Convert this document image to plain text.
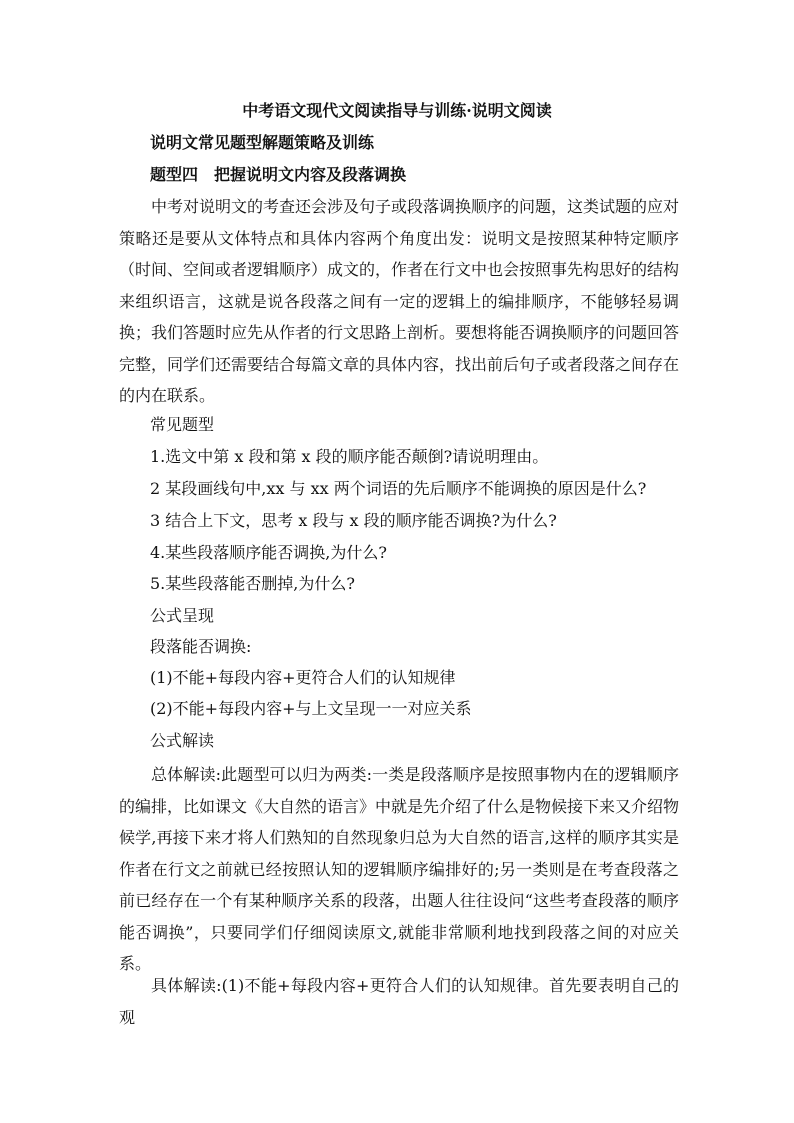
中考语文现代文阅读指导与训练·说明文阅读
说明文常见题型解题策略及训练
题型四　把握说明文内容及段落调换
中考对说明文的考查还会涉及句子或段落调换顺序的问题，这类试题的应对策略还是要从文体特点和具体内容两个角度出发：说明文是按照某种特定顺序（时间、空间或者逻辑顺序）成文的，作者在行文中也会按照事先构思好的结构来组织语言，这就是说各段落之间有一定的逻辑上的编排顺序，不能够轻易调换；我们答题时应先从作者的行文思路上剖析。要想将能否调换顺序的问题回答完整，同学们还需要结合每篇文章的具体内容，找出前后句子或者段落之间存在的内在联系。
常见题型
1.选文中第 x 段和第 x 段的顺序能否颠倒?请说明理由。
2 某段画线句中,xx 与 xx 两个词语的先后顺序不能调换的原因是什么?
3 结合上下文，思考 x 段与 x 段的顺序能否调换?为什么?
4.某些段落顺序能否调换,为什么?
5.某些段落能否删掉,为什么?
公式呈现
段落能否调换:
(1)不能+每段内容+更符合人们的认知规律
(2)不能+每段内容+与上文呈现一一对应关系
公式解读
总体解读:此题型可以归为两类:一类是段落顺序是按照事物内在的逻辑顺序的编排，比如课文《大自然的语言》中就是先介绍了什么是物候接下来又介绍物候学,再接下来才将人们熟知的自然现象归总为大自然的语言,这样的顺序其实是作者在行文之前就已经按照认知的逻辑顺序编排好的;另一类则是在考查段落之前已经存在一个有某种顺序关系的段落，出题人往往设问“这些考查段落的顺序能否调换”，只要同学们仔细阅读原文,就能非常顺利地找到段落之间的对应关系。
具体解读:(1)不能+每段内容+更符合人们的认知规律。首先要表明自己的观
